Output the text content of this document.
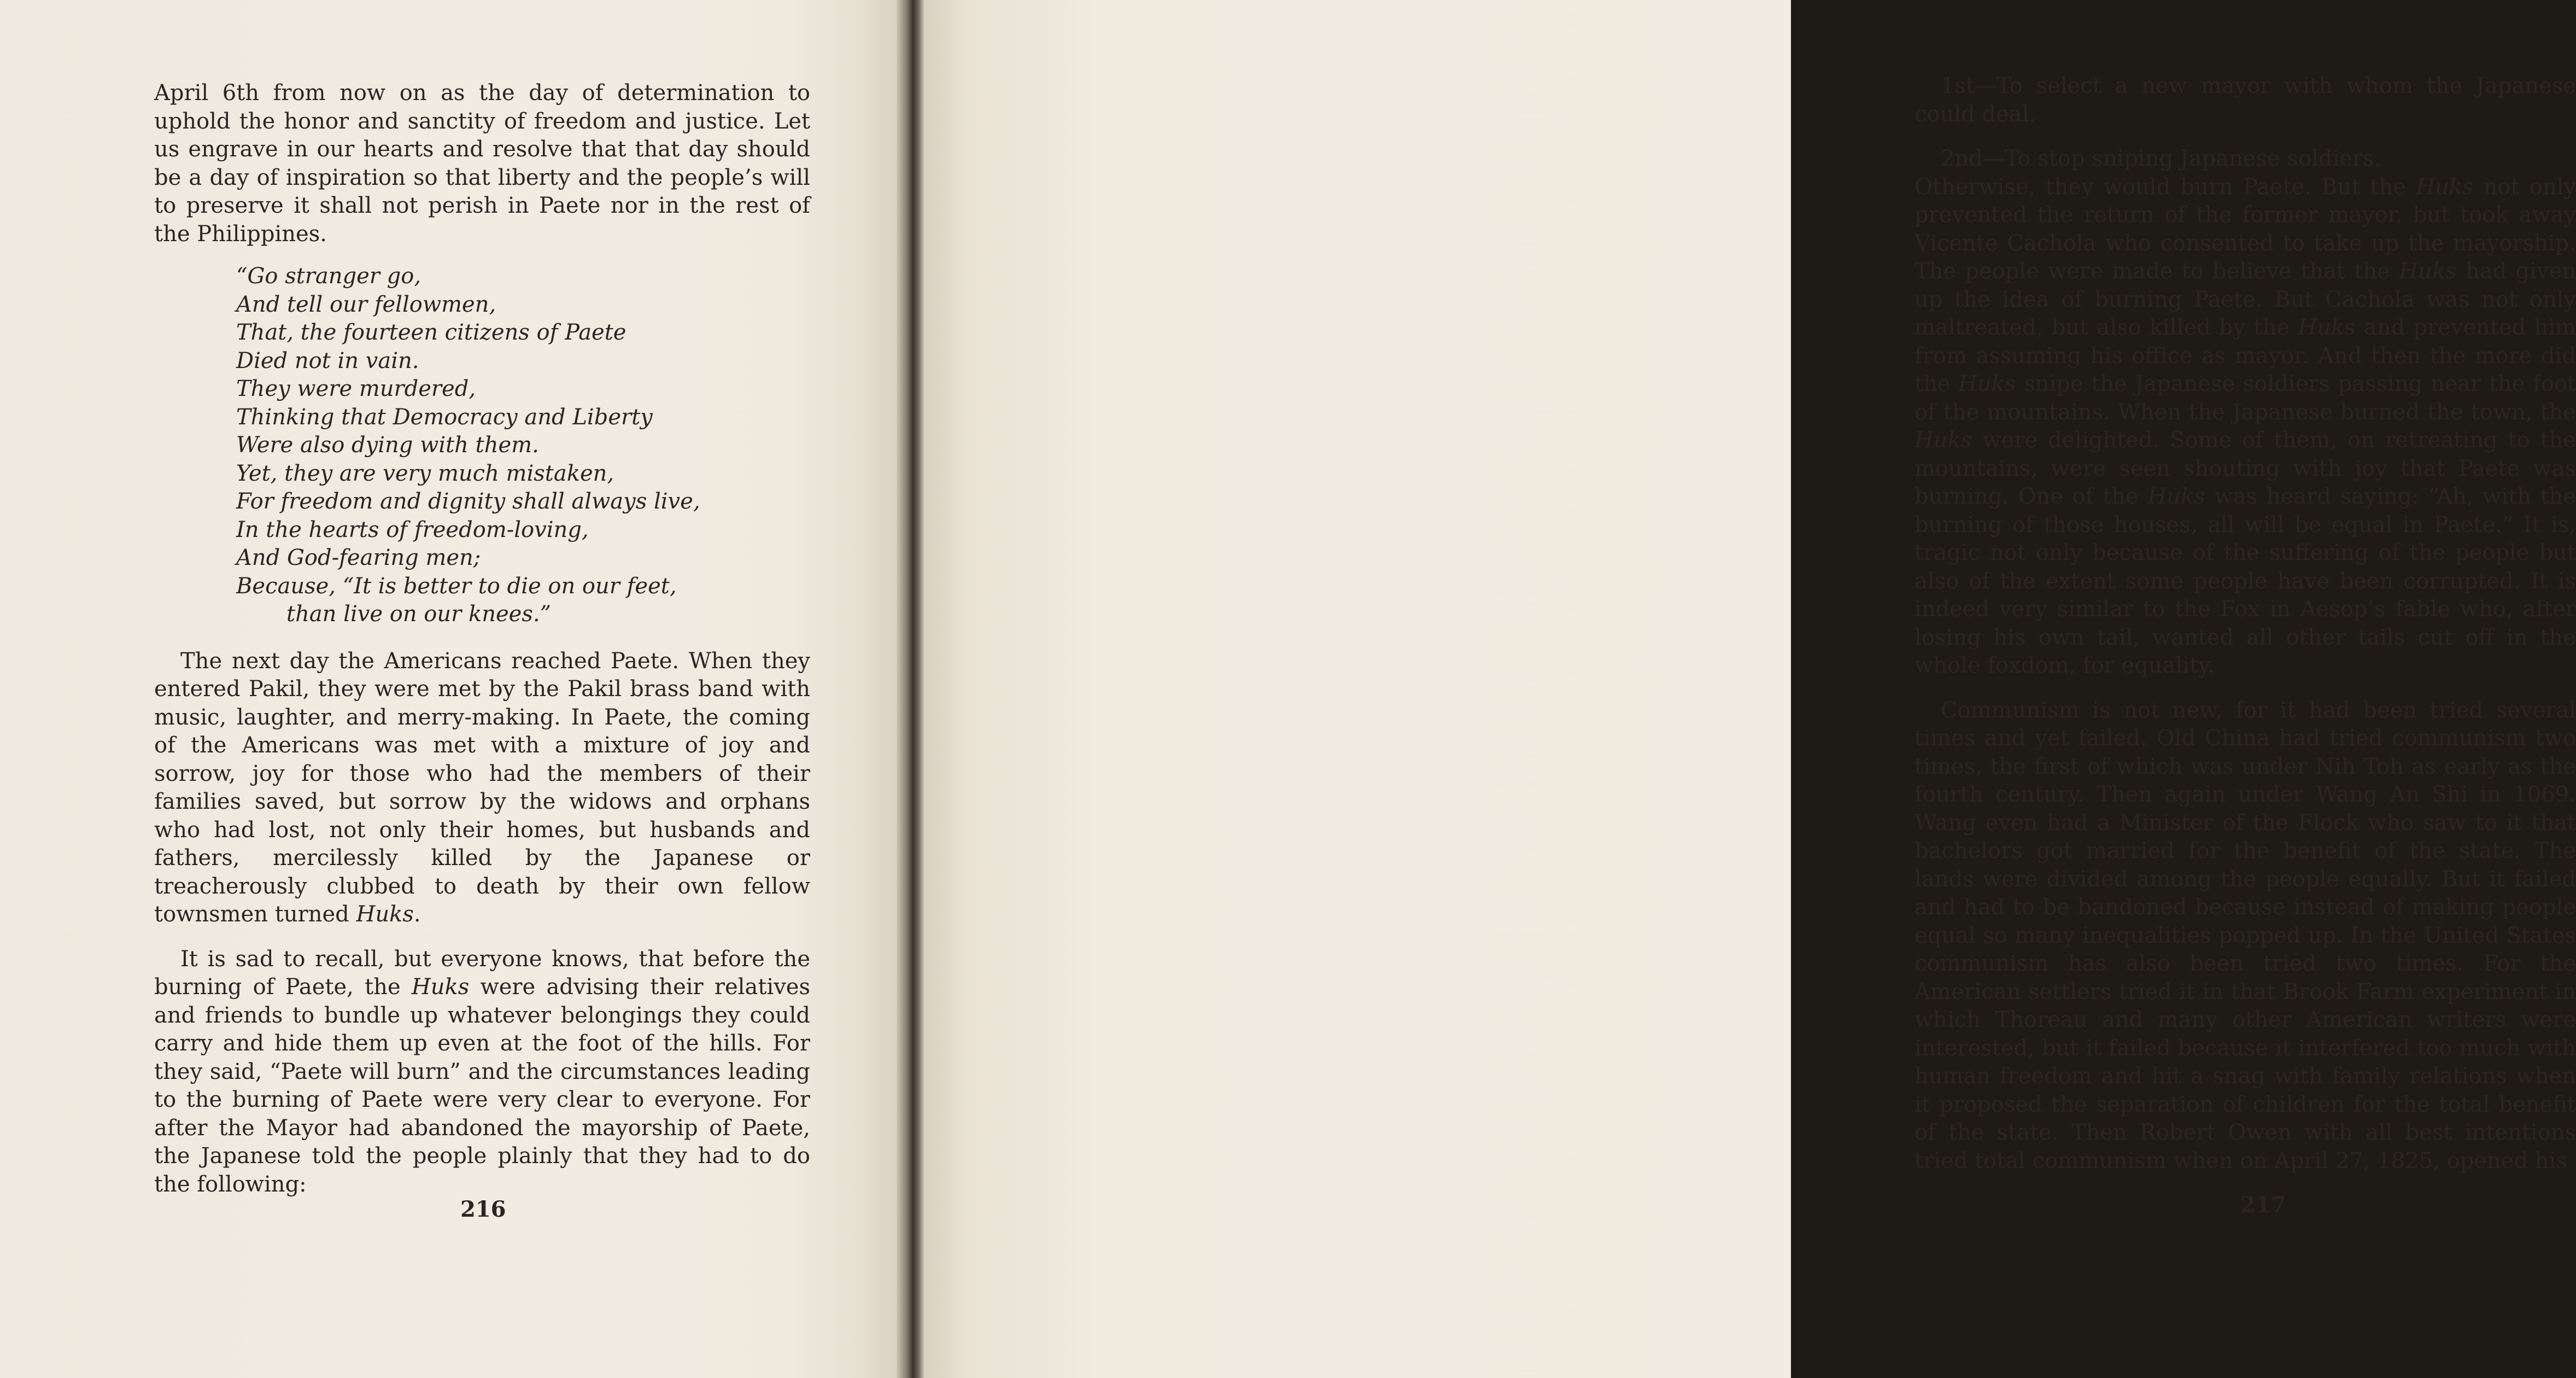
April 6th from now on as the day of determination to uphold the honor and sanctity of freedom and justice. Let us engrave in our hearts and resolve that that day should be a day of inspiration so that liberty and the people’s will to preserve it shall not perish in Paete nor in the rest of the Philippines.

“Go stranger go,
And tell our fellowmen,
That, the fourteen citizens of Paete
Died not in vain.
They were murdered,
Thinking that Democracy and Liberty
Were also dying with them.
Yet, they are very much mistaken,
For freedom and dignity shall always live,
In the hearts of freedom-loving,
And God-fearing men;
Because, “It is better to die on our feet,
than live on our knees.”

The next day the Americans reached Paete. When they entered Pakil, they were met by the Pakil brass band with music, laughter, and merry-making. In Paete, the coming of the Americans was met with a mixture of joy and sorrow, joy for those who had the members of their families saved, but sorrow by the widows and orphans who had lost, not only their homes, but husbands and fathers, mercilessly killed by the Japanese or treacherously clubbed to death by their own fellow townsmen turned Huks.

It is sad to recall, but everyone knows, that before the burning of Paete, the Huks were advising their relatives and friends to bundle up whatever belongings they could carry and hide them up even at the foot of the hills. For they said, “Paete will burn” and the circumstances leading to the burning of Paete were very clear to everyone. For after the Mayor had abandoned the mayorship of Paete, the Japanese told the people plainly that they had to do the following:

216

1st—To select a new mayor with whom the Japanese could deal.

2nd—To stop sniping Japanese soldiers.

Otherwise, they would burn Paete. But the Huks not only prevented the return of the former mayor, but took away Vicente Cachola who consented to take up the mayorship. The people were made to believe that the Huks had given up the idea of burning Paete. But Cachola was not only maltreated, but also killed by the Huks and prevented him from assuming his office as mayor. And then the more did the Huks snipe the Japanese soldiers passing near the foot of the mountains. When the Japanese burned the town, the Huks were delighted. Some of them, on retreating to the mountains, were seen shouting with joy that Paete was burning. One of the Huks was heard saying: “Ah, with the burning of those houses, all will be equal in Paete.” It is, tragic not only because of the suffering of the people but also of the extent some people have been corrupted. It is indeed very similar to the Fox in Aesop’s fable who, after losing his own tail, wanted all other tails cut off in the whole foxdom, for equality.

Communism is not new, for it had been tried several times and yet failed. Old China had tried communism two times, the first of which was under Nih Toh as early as the fourth century. Then again under Wang An Shi in 1069. Wang even had a Minister of the Flock who saw to it that bachelors got married for the benefit of the state. The lands were divided among the people equally. But it failed and had to be bandoned because instead of making people equal so many inequalities popped up. In the United States communism has also been tried two times. For the American settlers tried it in that Brook Farm experiment in which Thoreau and many other American writers were interested, but it failed because it interfered too much with human freedom and hit a snag with family relations when it proposed the separation of children for the total benefit of the state. Then Robert Owen with all best intentions tried total communism when on April 27, 1825, opened his

217
